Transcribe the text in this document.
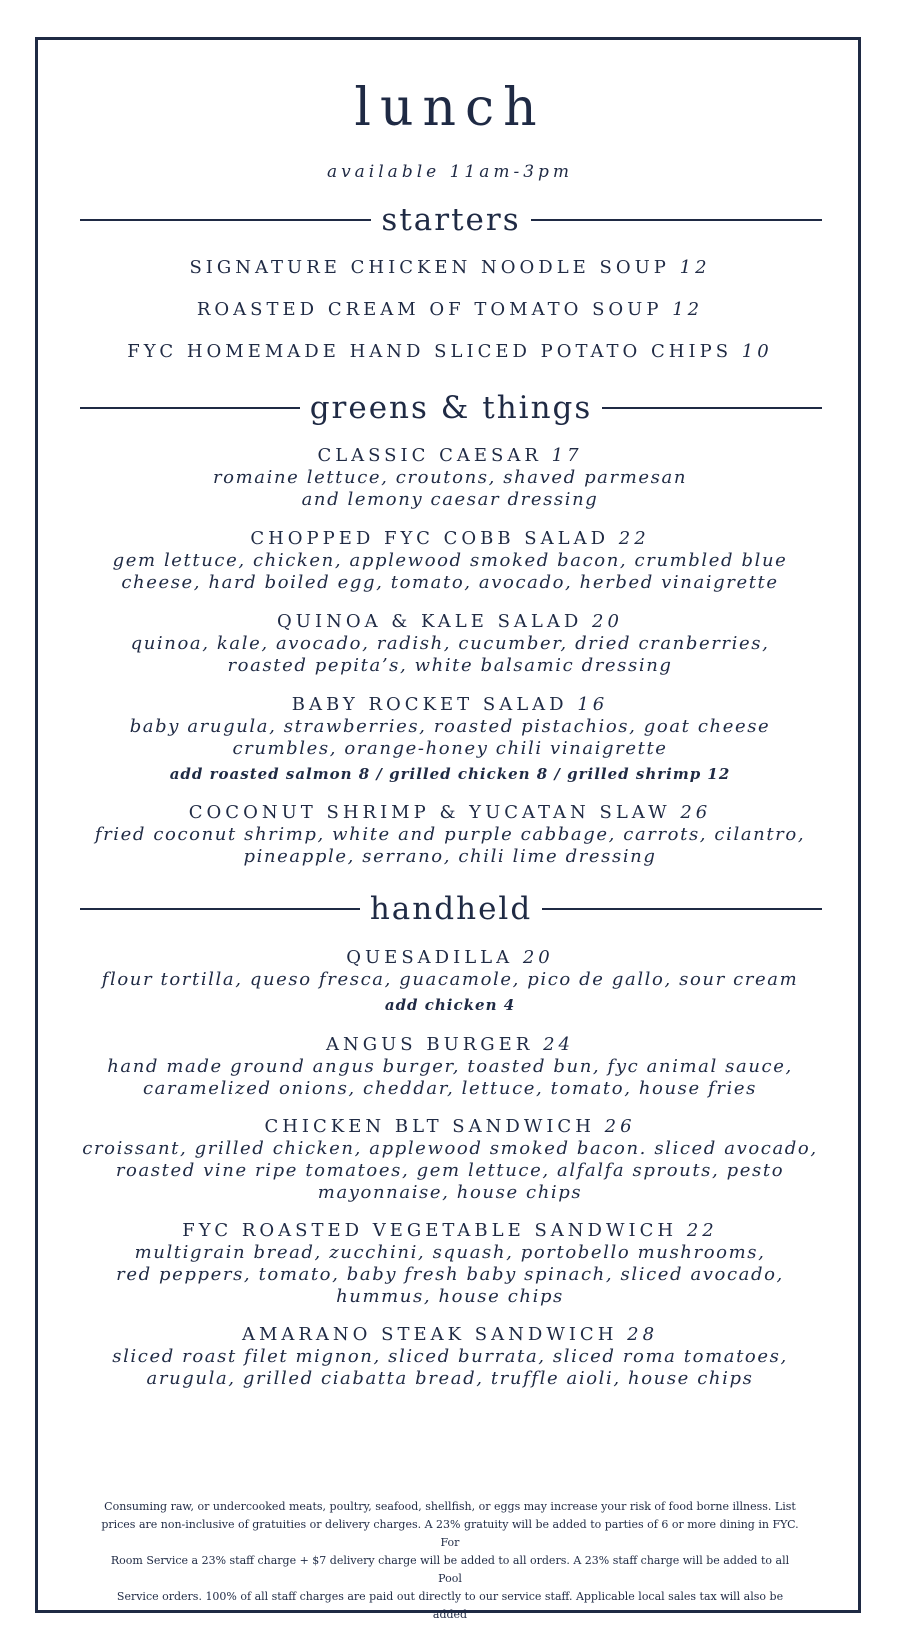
lunch
available 11am-3pm
starters
SIGNATURE CHICKEN NOODLE SOUP 12
ROASTED CREAM OF TOMATO SOUP 12
FYC HOMEMADE HAND SLICED POTATO CHIPS 10
greens & things
CLASSIC CAESAR 17
romaine lettuce, croutons, shaved parmesan
and lemony caesar dressing
CHOPPED FYC COBB SALAD 22
gem lettuce, chicken, applewood smoked bacon, crumbled blue
cheese, hard boiled egg, tomato, avocado, herbed vinaigrette
QUINOA & KALE SALAD 20
quinoa, kale, avocado, radish, cucumber, dried cranberries,
roasted pepita’s, white balsamic dressing
BABY ROCKET SALAD 16
baby arugula, strawberries, roasted pistachios, goat cheese
crumbles, orange-honey chili vinaigrette
add roasted salmon 8 / grilled chicken 8 / grilled shrimp 12
COCONUT SHRIMP & YUCATAN SLAW 26
fried coconut shrimp, white and purple cabbage, carrots, cilantro,
pineapple, serrano, chili lime dressing
handheld
QUESADILLA 20
flour tortilla, queso fresca, guacamole, pico de gallo, sour cream
add chicken 4
ANGUS BURGER 24
hand made ground angus burger, toasted bun, fyc animal sauce,
caramelized onions, cheddar, lettuce, tomato, house fries
CHICKEN BLT SANDWICH 26
croissant, grilled chicken, applewood smoked bacon. sliced avocado,
roasted vine ripe tomatoes, gem lettuce, alfalfa sprouts, pesto
mayonnaise, house chips
FYC ROASTED VEGETABLE SANDWICH 22
multigrain bread, zucchini, squash, portobello mushrooms,
red peppers, tomato, baby fresh baby spinach, sliced avocado,
hummus, house chips
AMARANO STEAK SANDWICH 28
sliced roast filet mignon, sliced burrata, sliced roma tomatoes,
arugula, grilled ciabatta bread, truffle aioli, house chips
Consuming raw, or undercooked meats, poultry, seafood, shellfish, or eggs may increase your risk of food borne illness. List
prices are non-inclusive of gratuities or delivery charges. A 23% gratuity will be added to parties of 6 or more dining in FYC. For
Room Service a 23% staff charge + $7 delivery charge will be added to all orders. A 23% staff charge will be added to all Pool
Service orders. 100% of all staff charges are paid out directly to our service staff. Applicable local sales tax will also be added
